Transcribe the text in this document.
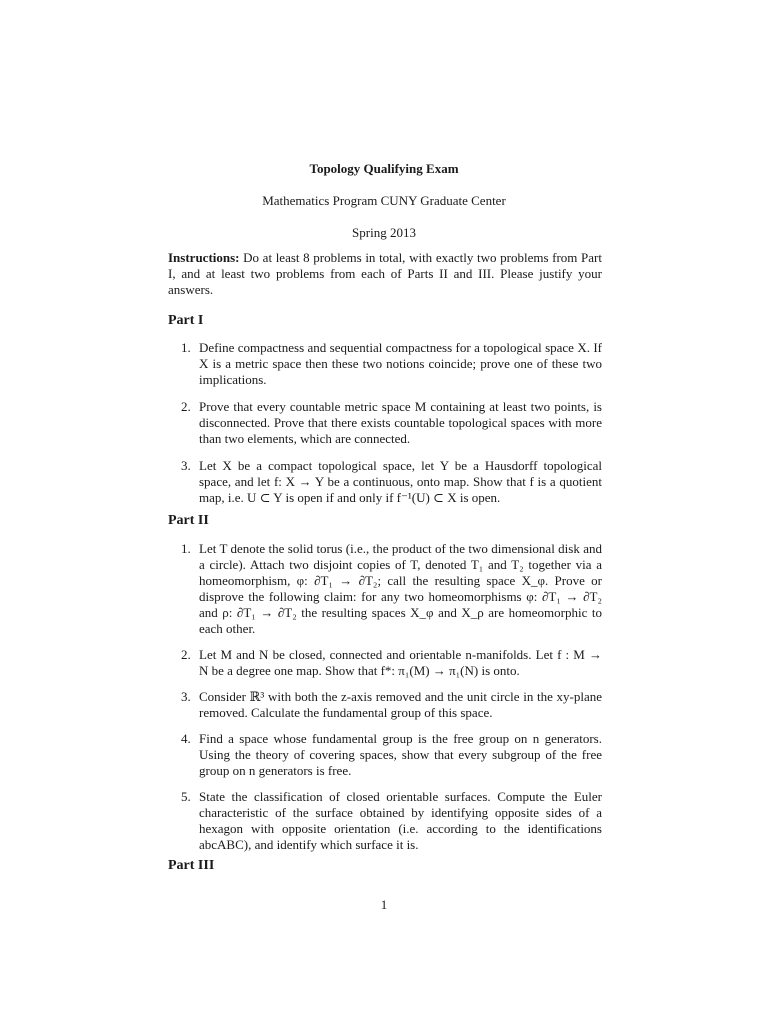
Topology Qualifying Exam
Mathematics Program CUNY Graduate Center
Spring 2013
Instructions: Do at least 8 problems in total, with exactly two problems from Part I, and at least two problems from each of Parts II and III. Please justify your answers.
Part I
1. Define compactness and sequential compactness for a topological space X. If X is a metric space then these two notions coincide; prove one of these two implications.
2. Prove that every countable metric space M containing at least two points, is disconnected. Prove that there exists countable topological spaces with more than two elements, which are connected.
3. Let X be a compact topological space, let Y be a Hausdorff topological space, and let f: X → Y be a continuous, onto map. Show that f is a quotient map, i.e. U ⊂ Y is open if and only if f⁻¹(U) ⊂ X is open.
Part II
1. Let T denote the solid torus (i.e., the product of the two dimensional disk and a circle). Attach two disjoint copies of T, denoted T₁ and T₂ together via a homeomorphism, φ: ∂T₁ → ∂T₂; call the resulting space X_φ. Prove or disprove the following claim: for any two homeomorphisms φ: ∂T₁ → ∂T₂ and ρ: ∂T₁ → ∂T₂ the resulting spaces X_φ and X_ρ are homeomorphic to each other.
2. Let M and N be closed, connected and orientable n-manifolds. Let f : M → N be a degree one map. Show that f*: π₁(M) → π₁(N) is onto.
3. Consider ℝ³ with both the z-axis removed and the unit circle in the xy-plane removed. Calculate the fundamental group of this space.
4. Find a space whose fundamental group is the free group on n generators. Using the theory of covering spaces, show that every subgroup of the free group on n generators is free.
5. State the classification of closed orientable surfaces. Compute the Euler characteristic of the surface obtained by identifying opposite sides of a hexagon with opposite orientation (i.e. according to the identifications abcABC), and identify which surface it is.
Part III
1
